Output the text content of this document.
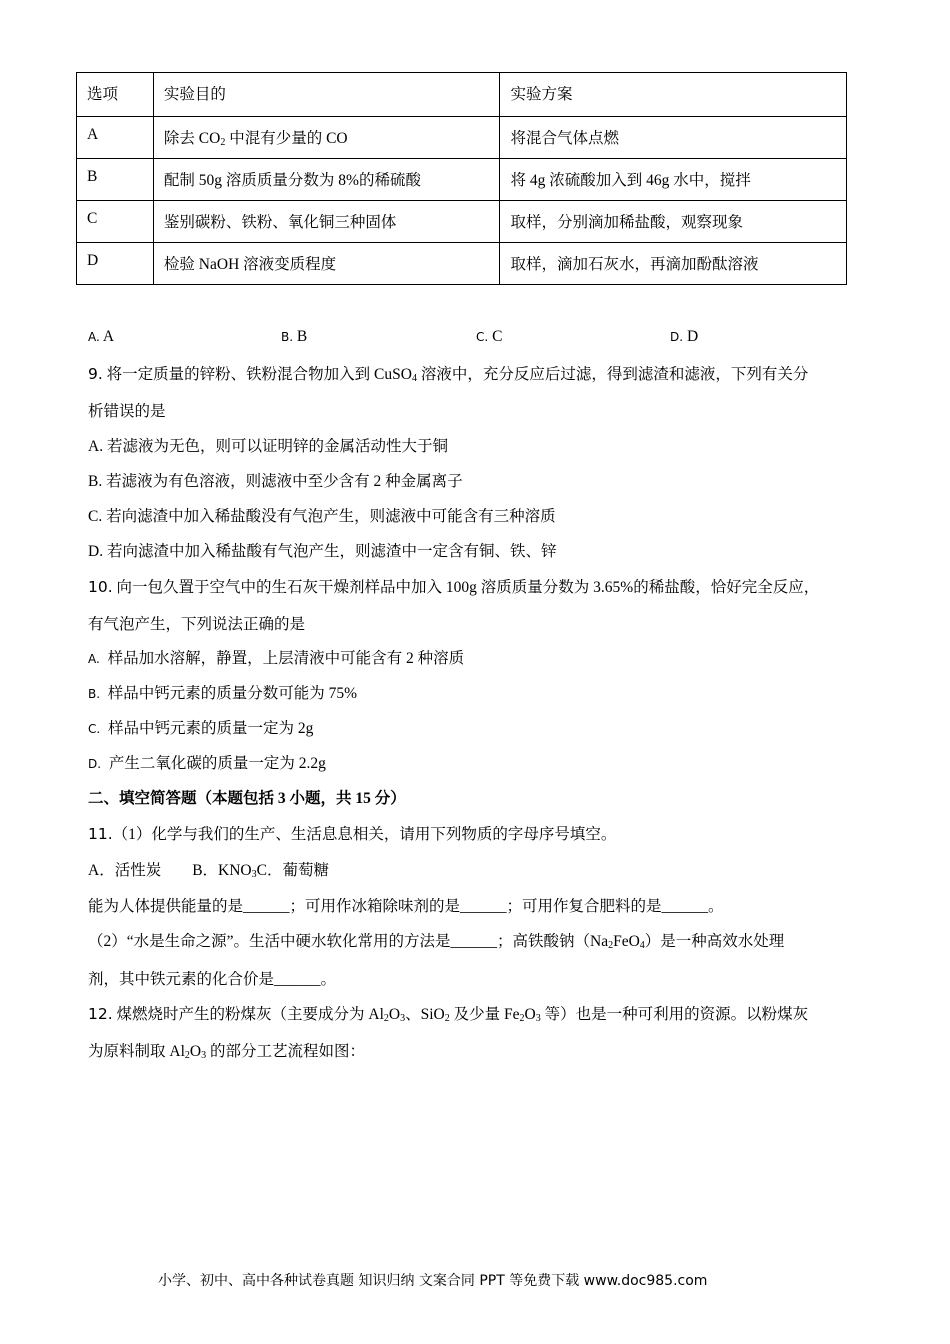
选项	实验目的	实验方案
A	除去 $CO_2$ 中混有少量的 CO	将混合气体点燃
B	配制 50g 溶质质量分数为 8%的稀硫酸	将 4g 浓硫酸加入到 46g 水中，搅拌
C	鉴别碳粉、铁粉、氧化铜三种固体	取样，分别滴加稀盐酸，观察现象
D	检验 NaOH 溶液变质程度	取样，滴加石灰水，再滴加酚酞溶液
A. A	B. B	C. C	D. D
9. 将一定质量的锌粉、铁粉混合物加入到 CuSO$_4$ 溶液中，充分反应后过滤，得到滤渣和滤液，下列有关分
析错误的是
A. 若滤液为无色，则可以证明锌的金属活动性大于铜
B. 若滤液为有色溶液，则滤液中至少含有 2 种金属离子
C. 若向滤渣中加入稀盐酸没有气泡产生，则滤液中可能含有三种溶质
D. 若向滤渣中加入稀盐酸有气泡产生，则滤渣中一定含有铜、铁、锌
10. 向一包久置于空气中的生石灰干燥剂样品中加入 100g 溶质质量分数为 3.65%的稀盐酸，恰好完全反应，
有气泡产生，下列说法正确的是
A. 样品加水溶解，静置，上层清液中可能含有 2 种溶质
B. 样品中钙元素的质量分数可能为 75%
C. 样品中钙元素的质量一定为 2g
D. 产生二氧化碳的质量一定为 2.2g
二、填空简答题（本题包括 3 小题，共 15 分）
11.（1）化学与我们的生产、生活息息相关，请用下列物质的字母序号填空。
A．活性炭 B．$KNO_3C$．葡萄糖
能为人体提供能量的是______；可用作冰箱除味剂的是______；可用作复合肥料的是______。
（2）“水是生命之源”。生活中硬水软化常用的方法是______；高铁酸钠$(Na_2FeO_4)$是一种高效水处理
剂，其中铁元素的化合价是______。
12. 煤燃烧时产生的粉煤灰（主要成分为 $Al_2O_3$、SiO$_2$ 及少量 $Fe_2O_3$ 等）也是一种可利用的资源。以粉煤灰
为原料制取 $Al_2O_3$ 的部分工艺流程如图：
小学、初中、高中各种试卷真题 知识归纳 文案合同 PPT 等免费下载 www.doc985.com
